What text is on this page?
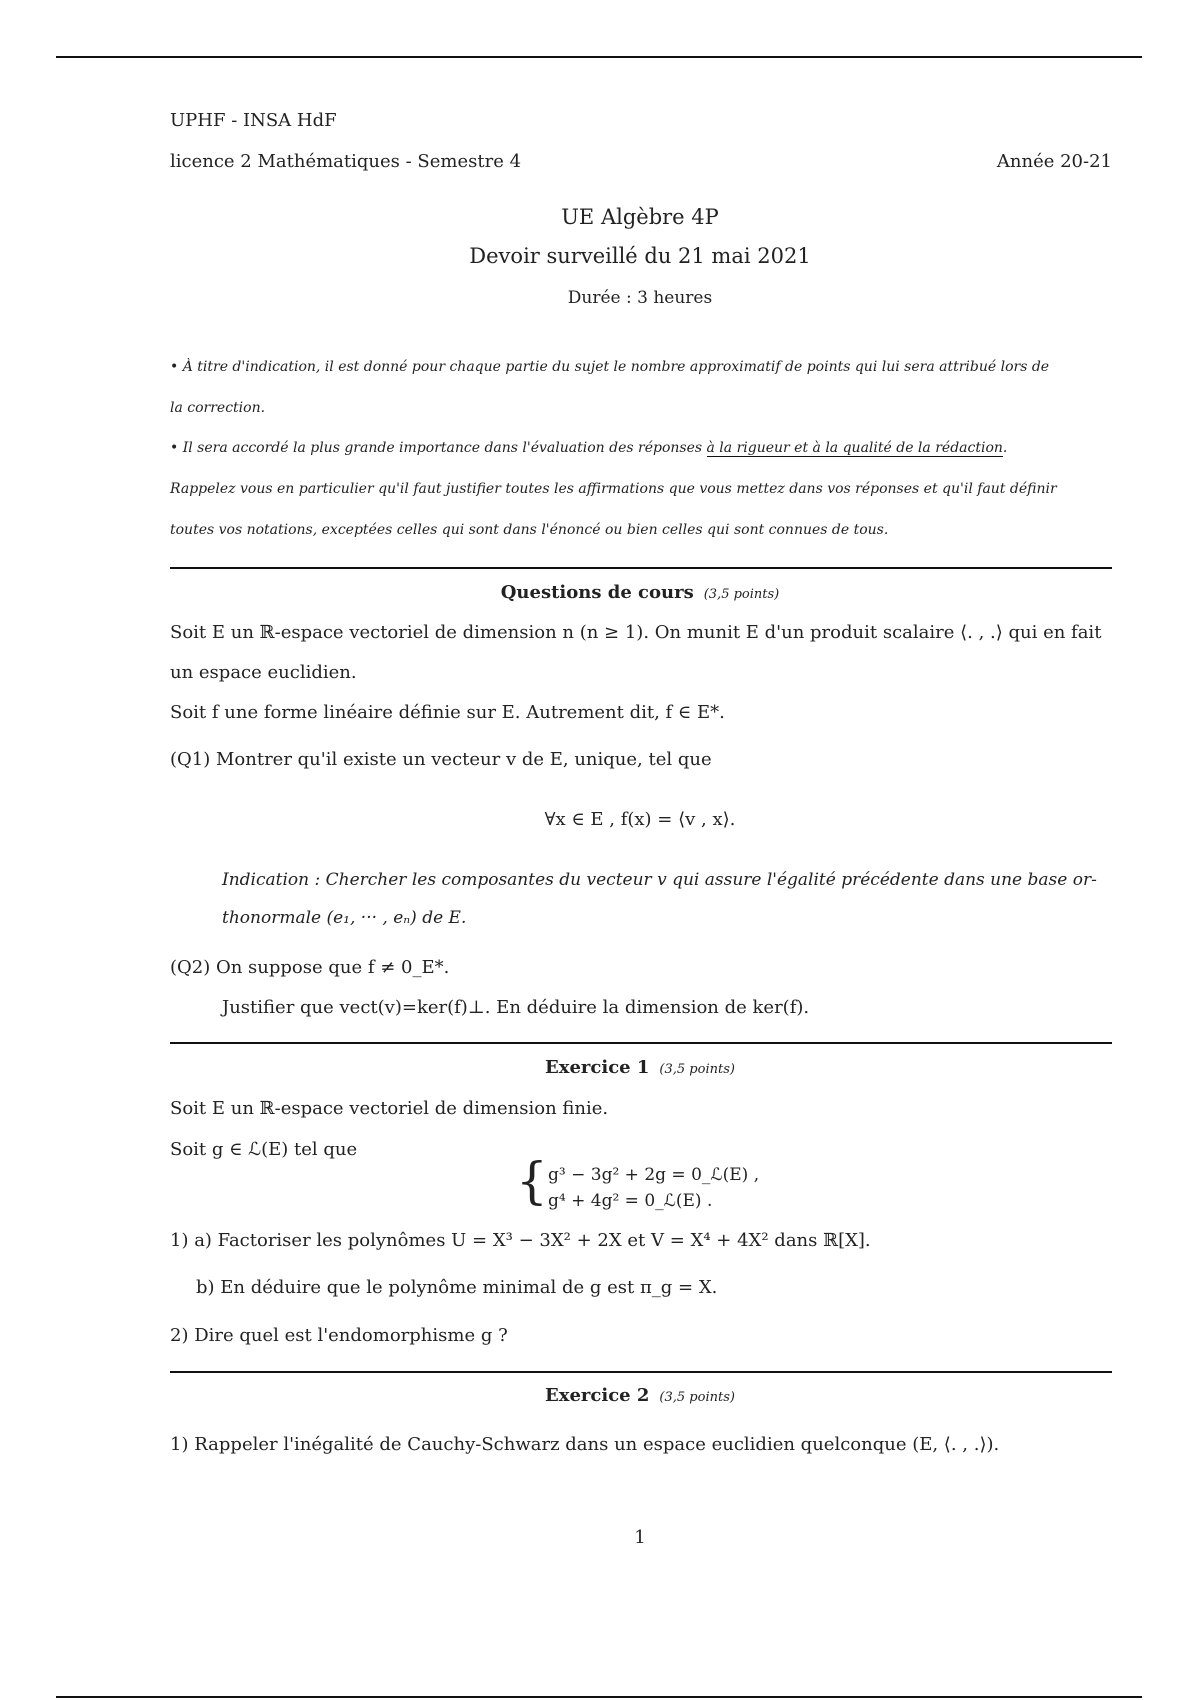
UPHF - INSA HdF
licence 2 Mathématiques - Semestre 4	Année 20-21
UE Algèbre 4P
Devoir surveillé du 21 mai 2021
Durée : 3 heures
• À titre d'indication, il est donné pour chaque partie du sujet le nombre approximatif de points qui lui sera attribué lors de
la correction.
• Il sera accordé la plus grande importance dans l'évaluation des réponses à la rigueur et à la qualité de la rédaction.
Rappelez vous en particulier qu'il faut justifier toutes les affirmations que vous mettez dans vos réponses et qu'il faut définir
toutes vos notations, exceptées celles qui sont dans l'énoncé ou bien celles qui sont connues de tous.
Questions de cours (3,5 points)
Soit E un ℝ-espace vectoriel de dimension n (n ≥ 1). On munit E d'un produit scalaire ⟨. , .⟩ qui en fait
un espace euclidien.
Soit f une forme linéaire définie sur E. Autrement dit, f ∈ E*.
(Q1) Montrer qu'il existe un vecteur v de E, unique, tel que
∀x ∈ E , f(x) = ⟨v , x⟩.
Indication : Chercher les composantes du vecteur v qui assure l'égalité précédente dans une base or-
thonormale (e₁, ··· , eₙ) de E.
(Q2) On suppose que f ≠ 0_E*.
Justifier que vect(v)=ker(f)⊥. En déduire la dimension de ker(f).
Exercice 1 (3,5 points)
Soit E un ℝ-espace vectoriel de dimension finie.
Soit g ∈ ℒ(E) tel que
{ g³ − 3g² + 2g = 0_ℒ(E) ,
g⁴ + 4g² = 0_ℒ(E) .
1) a) Factoriser les polynômes U = X³ − 3X² + 2X et V = X⁴ + 4X² dans ℝ[X].
b) En déduire que le polynôme minimal de g est π_g = X.
2) Dire quel est l'endomorphisme g ?
Exercice 2 (3,5 points)
1) Rappeler l'inégalité de Cauchy-Schwarz dans un espace euclidien quelconque (E, ⟨. , .⟩).
1
